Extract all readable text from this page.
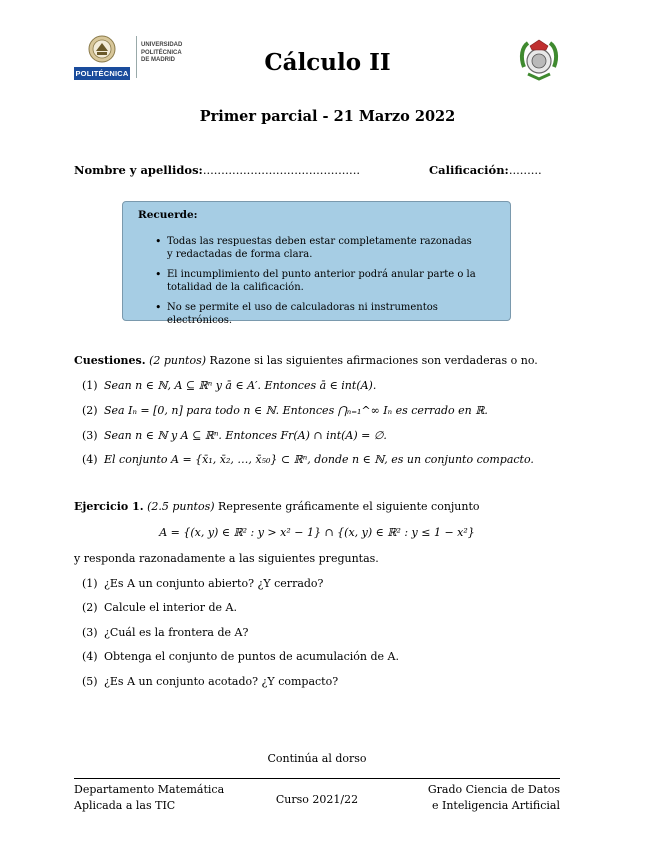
POLITÉCNICA
UNIVERSIDAD
POLITÉCNICA
DE MADRID	Cálculo II
Primer parcial - 21 Marzo 2022
Nombre y apellidos:...........................................	Calificación:.........
Recuerde:
• Todas las respuestas deben estar completamente razonadas y redactadas de forma clara.
• El incumplimiento del punto anterior podrá anular parte o la totalidad de la calificación.
• No se permite el uso de calculadoras ni instrumentos electrónicos.
Cuestiones. (2 puntos) Razone si las siguientes afirmaciones son verdaderas o no.
(1) Sean n ∈ ℕ, A ⊆ ℝⁿ y ā ∈ A′. Entonces ā ∈ int(A).
(2) Sea Iₙ = [0, n] para todo n ∈ ℕ. Entonces ⋂ₙ₌₁^∞ Iₙ es cerrado en ℝ.
(3) Sean n ∈ ℕ y A ⊆ ℝⁿ. Entonces Fr(A) ∩ int(A) = ∅.
(4) El conjunto A = {x̄₁, x̄₂, …, x̄₅₀} ⊂ ℝⁿ, donde n ∈ ℕ, es un conjunto compacto.
Ejercicio 1. (2.5 puntos) Represente gráficamente el siguiente conjunto
A = {(x, y) ∈ ℝ² : y > x² − 1} ∩ {(x, y) ∈ ℝ² : y ≤ 1 − x²}
y responda razonadamente a las siguientes preguntas.
(1) ¿Es A un conjunto abierto? ¿Y cerrado?
(2) Calcule el interior de A.
(3) ¿Cuál es la frontera de A?
(4) Obtenga el conjunto de puntos de acumulación de A.
(5) ¿Es A un conjunto acotado? ¿Y compacto?
Continúa al dorso
Departamento Matemática
Aplicada a las TIC	Curso 2021/22
Grado Ciencia de Datos
e Inteligencia Artificial
